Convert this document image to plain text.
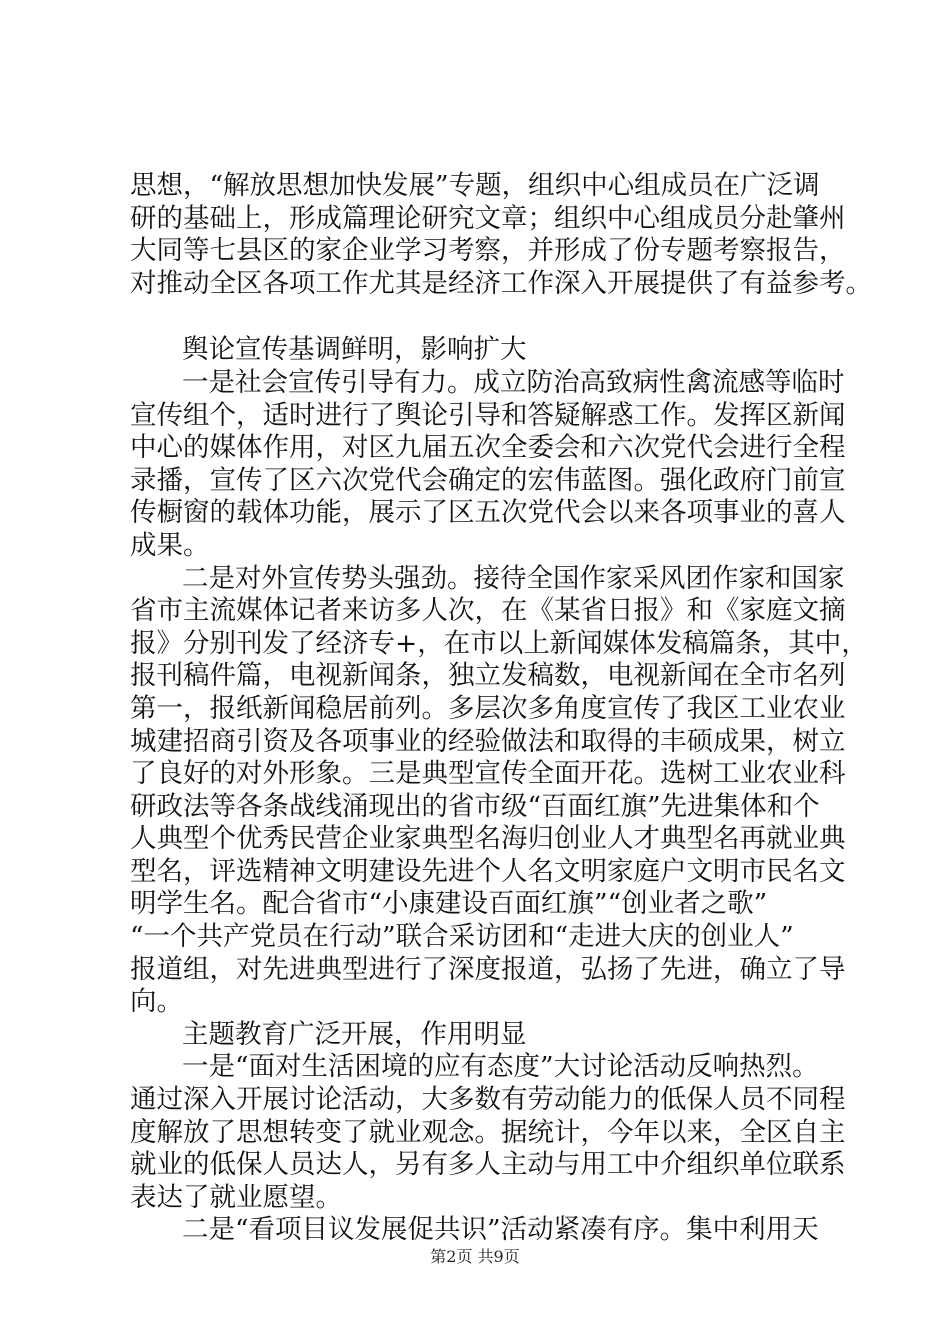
思想，“解放思想加快发展”专题，组织中心组成员在广泛调
研的基础上，形成篇理论研究文章；组织中心组成员分赴肇州
大同等七县区的家企业学习考察，并形成了份专题考察报告，
对推动全区各项工作尤其是经济工作深入开展提供了有益参考。
舆论宣传基调鲜明，影响扩大
一是社会宣传引导有力。成立防治高致病性禽流感等临时
宣传组个，适时进行了舆论引导和答疑解惑工作。发挥区新闻
中心的媒体作用，对区九届五次全委会和六次党代会进行全程
录播，宣传了区六次党代会确定的宏伟蓝图。强化政府门前宣
传橱窗的载体功能，展示了区五次党代会以来各项事业的喜人
成果。
二是对外宣传势头强劲。接待全国作家采风团作家和国家
省市主流媒体记者来访多人次，在《某省日报》和《家庭文摘
报》分别刊发了经济专+，在市以上新闻媒体发稿篇条，其中，
报刊稿件篇，电视新闻条，独立发稿数，电视新闻在全市名列
第一，报纸新闻稳居前列。多层次多角度宣传了我区工业农业
城建招商引资及各项事业的经验做法和取得的丰硕成果，树立
了良好的对外形象。三是典型宣传全面开花。选树工业农业科
研政法等各条战线涌现出的省市级“百面红旗”先进集体和个
人典型个优秀民营企业家典型名海归创业人才典型名再就业典
型名，评选精神文明建设先进个人名文明家庭户文明市民名文
明学生名。配合省市“小康建设百面红旗”“创业者之歌”
“一个共产党员在行动”联合采访团和“走进大庆的创业人”
报道组，对先进典型进行了深度报道，弘扬了先进，确立了导
向。
主题教育广泛开展，作用明显
一是“面对生活困境的应有态度”大讨论活动反响热烈。
通过深入开展讨论活动，大多数有劳动能力的低保人员不同程
度解放了思想转变了就业观念。据统计，今年以来，全区自主
就业的低保人员达人，另有多人主动与用工中介组织单位联系
表达了就业愿望。
二是“看项目议发展促共识”活动紧凑有序。集中利用天
第2页 共9页
